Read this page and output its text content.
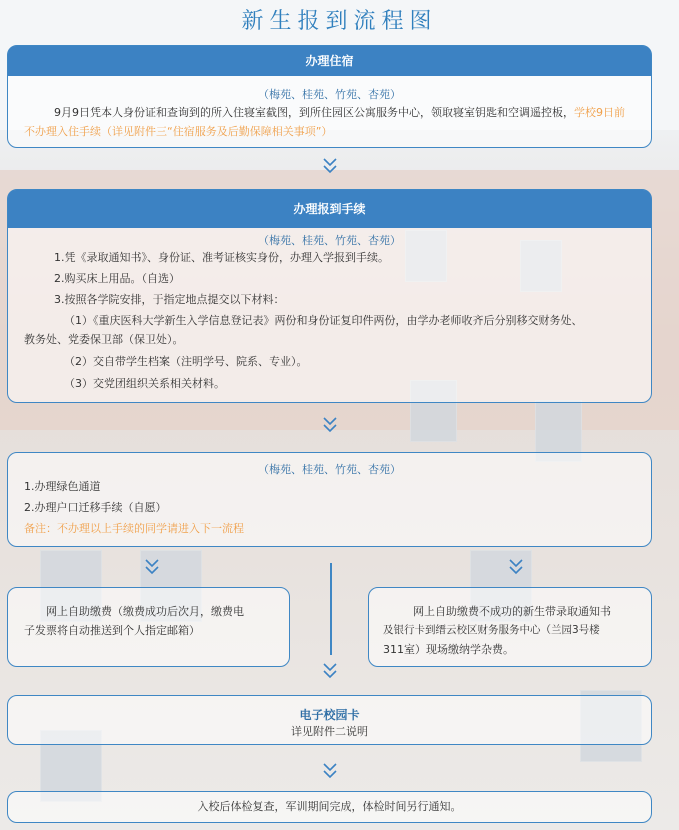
新生报到流程图
办理住宿
（梅苑、桂苑、竹苑、杏苑）
9月9日凭本人身份证和查询到的所入住寝室截图，到所住园区公寓服务中心，领取寝室钥匙和空调遥控板，学校9日前不办理入住手续（详见附件三“住宿服务及后勤保障相关事项”）
办理报到手续
（梅苑、桂苑、竹苑、杏苑）
1.凭《录取通知书》、身份证、准考证核实身份，办理入学报到手续。
2.购买床上用品。（自选）
3.按照各学院安排，于指定地点提交以下材料：
（1）《重庆医科大学新生入学信息登记表》两份和身份证复印件两份，由学办老师收齐后分别移交财务处、
教务处、党委保卫部（保卫处）。
（2）交自带学生档案（注明学号、院系、专业）。
（3）交党团组织关系相关材料。
（梅苑、桂苑、竹苑、杏苑）
1.办理绿色通道
2.办理户口迁移手续（自愿）
备注：不办理以上手续的同学请进入下一流程
网上自助缴费（缴费成功后次月，缴费电
子发票将自动推送到个人指定邮箱）
网上自助缴费不成功的新生带录取通知书
及银行卡到缙云校区财务服务中心（兰园3号楼
311室）现场缴纳学杂费。
电子校园卡
详见附件二说明
入校后体检复查，军训期间完成，体检时间另行通知。
